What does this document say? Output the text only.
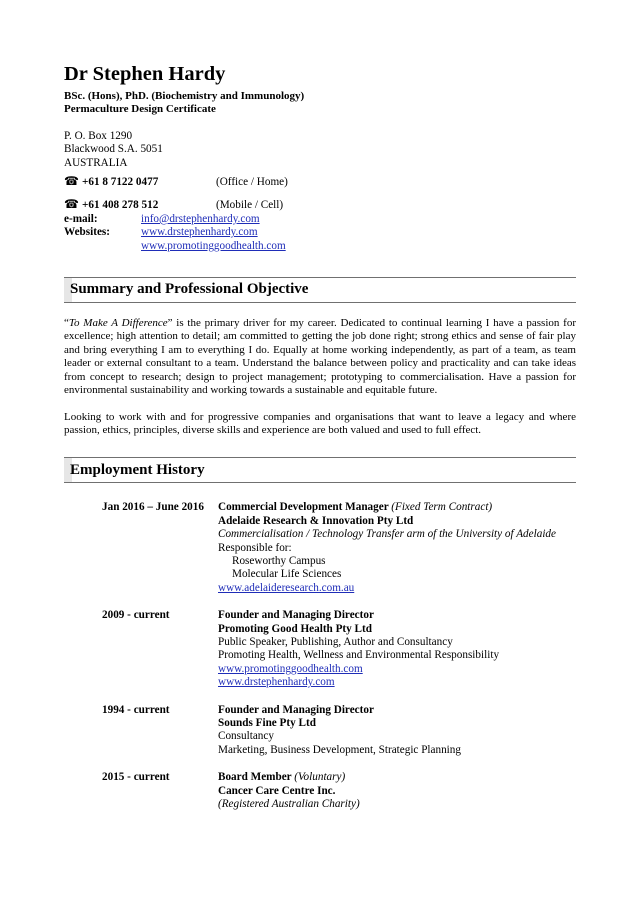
Dr Stephen Hardy
BSc. (Hons), PhD. (Biochemistry and Immunology)
Permaculture Design Certificate
P. O. Box 1290
Blackwood S.A. 5051
AUSTRALIA
☎ +61 8 7122 0477	(Office / Home)
☎ +61 408 278 512	(Mobile / Cell)
e-mail:	info@drstephenhardy.com
Websites:	www.drstephenhardy.com
www.promotinggoodhealth.com
Summary and Professional Objective
“To Make A Difference” is the primary driver for my career. Dedicated to continual learning I have a passion for excellence; high attention to detail; am committed to getting the job done right; strong ethics and sense of fair play and bring everything I am to everything I do. Equally at home working independently, as part of a team, as team leader or external consultant to a team. Understand the balance between policy and practicality and can take ideas from concept to research; design to project management; prototyping to commercialisation. Have a passion for environmental sustainability and working towards a sustainable and equitable future.
Looking to work with and for progressive companies and organisations that want to leave a legacy and where passion, ethics, principles, diverse skills and experience are both valued and used to full effect.
Employment History
Jan 2016 – June 2016	Commercial Development Manager (Fixed Term Contract)
Adelaide Research & Innovation Pty Ltd
Commercialisation / Technology Transfer arm of the University of Adelaide
Responsible for:
Roseworthy Campus
Molecular Life Sciences
www.adelaideresearch.com.au
2009 - current	Founder and Managing Director
Promoting Good Health Pty Ltd
Public Speaker, Publishing, Author and Consultancy
Promoting Health, Wellness and Environmental Responsibility
www.promotinggoodhealth.com
www.drstephenhardy.com
1994 - current	Founder and Managing Director
Sounds Fine Pty Ltd
Consultancy
Marketing, Business Development, Strategic Planning
2015 - current	Board Member (Voluntary)
Cancer Care Centre Inc.
(Registered Australian Charity)
